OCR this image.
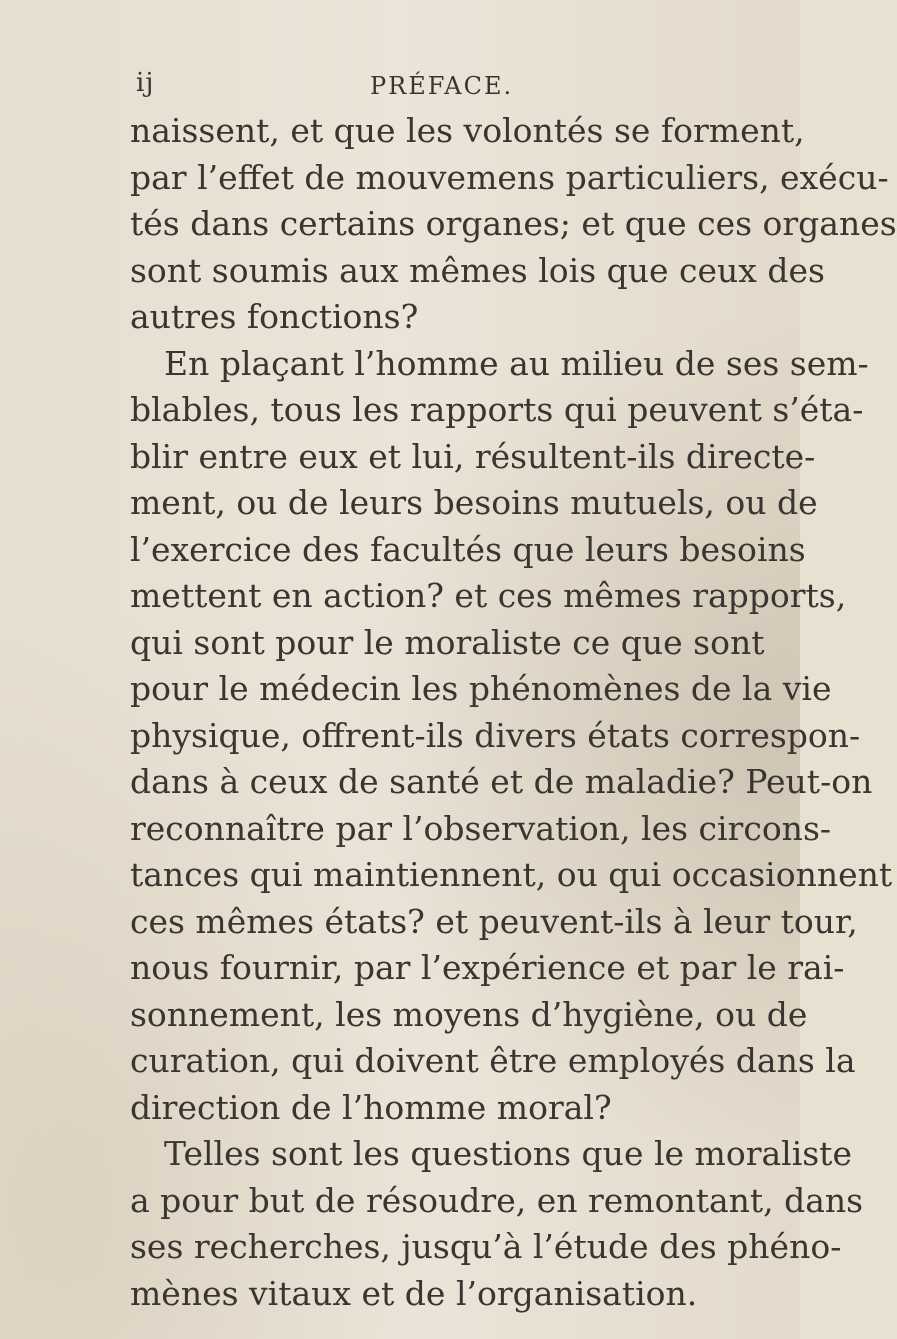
ij	PRÉFACE.
naissent, et que les volontés se forment,
par l’effet de mouvemens particuliers, exécu-
tés dans certains organes; et que ces organes
sont soumis aux mêmes lois que ceux des
autres fonctions?
En plaçant l’homme au milieu de ses sem-
blables, tous les rapports qui peuvent s’éta-
blir entre eux et lui, résultent-ils directe-
ment, ou de leurs besoins mutuels, ou de
l’exercice des facultés que leurs besoins
mettent en action? et ces mêmes rapports,
qui sont pour le moraliste ce que sont
pour le médecin les phénomènes de la vie
physique, offrent-ils divers états correspon-
dans à ceux de santé et de maladie? Peut-on
reconnaître par l’observation, les circons-
tances qui maintiennent, ou qui occasionnent
ces mêmes états? et peuvent-ils à leur tour,
nous fournir, par l’expérience et par le rai-
sonnement, les moyens d’hygiène, ou de
curation, qui doivent être employés dans la
direction de l’homme moral?
Telles sont les questions que le moraliste
a pour but de résoudre, en remontant, dans
ses recherches, jusqu’à l’étude des phéno-
mènes vitaux et de l’organisation.
